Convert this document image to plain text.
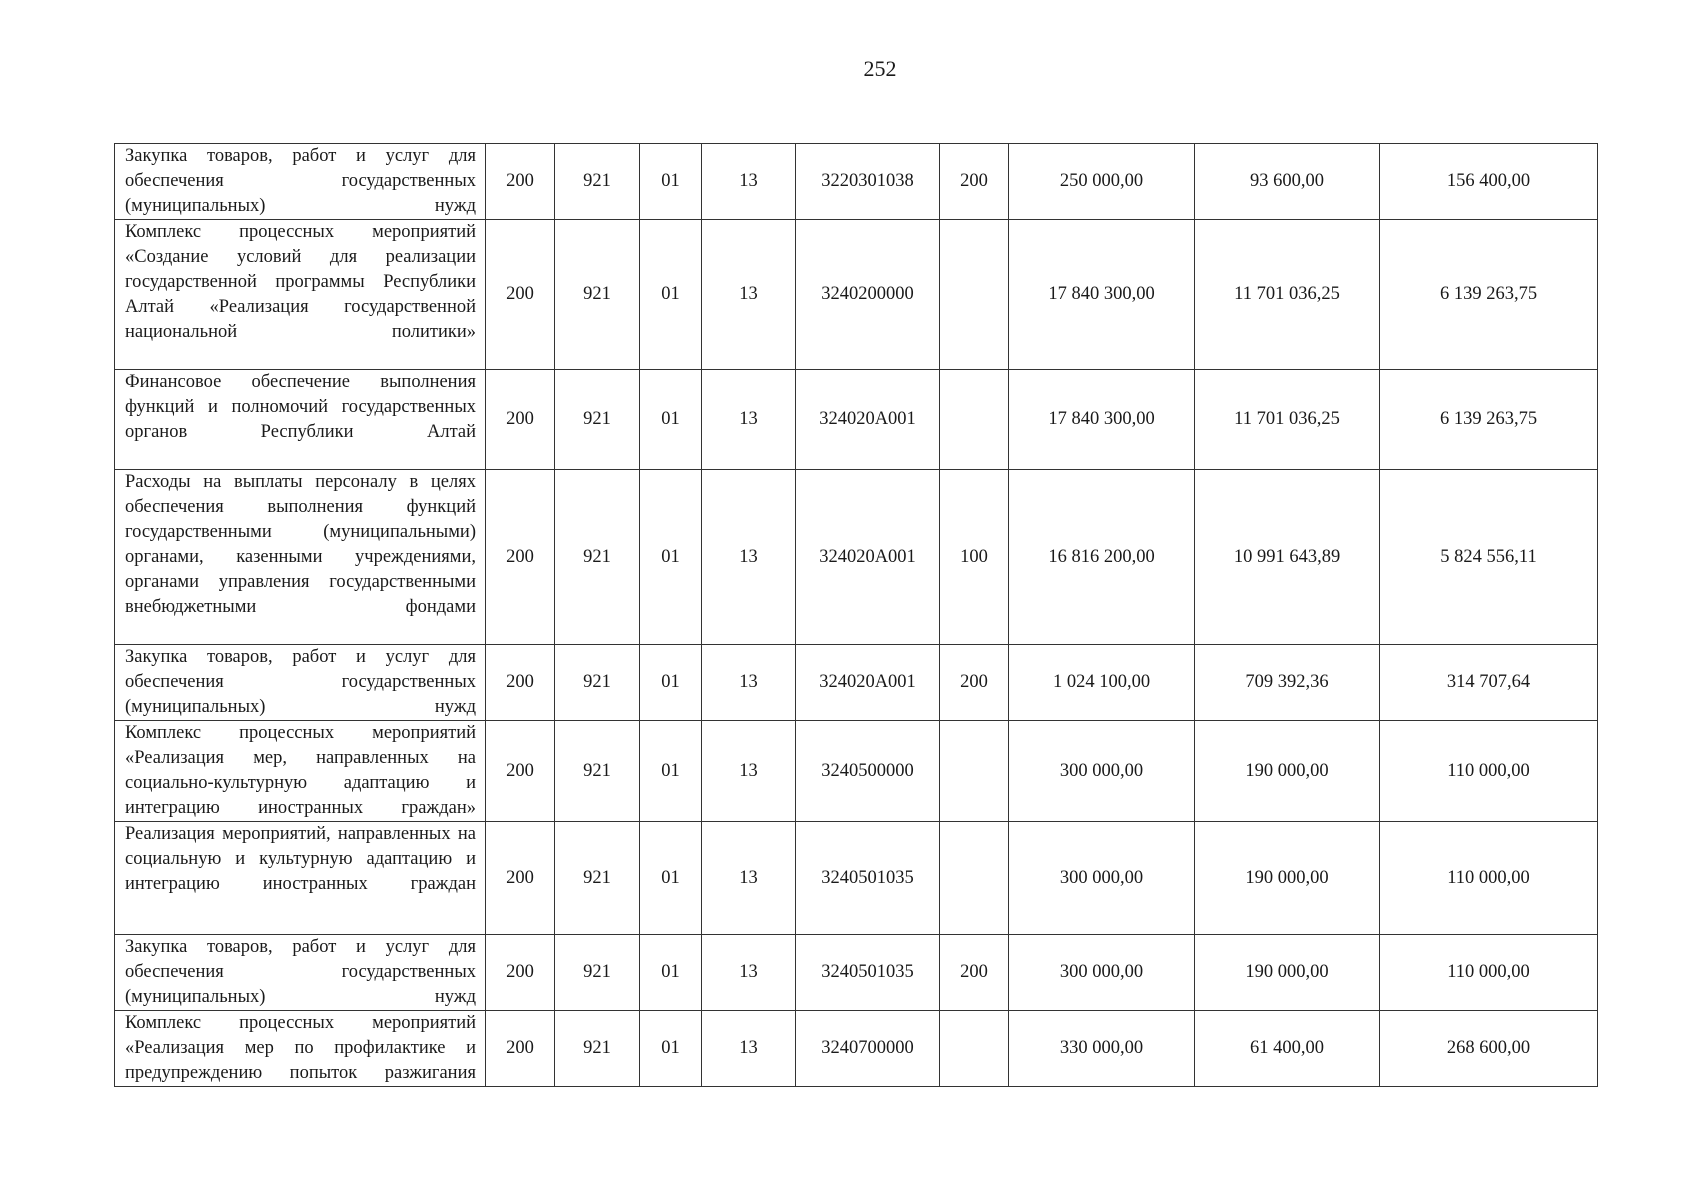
252
Закупка товаров, работ и услуг для обеспечения государственных (муниципальных) нужд	200	921	01	13	3220301038	200	250 000,00	93 600,00	156 400,00
Комплекс процессных мероприятий «Создание условий для реализации государственной программы Республики Алтай «Реализация государственной национальной политики»	200	921	01	13	3240200000		17 840 300,00	11 701 036,25	6 139 263,75
Финансовое обеспечение выполнения функций и полномочий государственных органов Республики Алтай	200	921	01	13	324020А001		17 840 300,00	11 701 036,25	6 139 263,75
Расходы на выплаты персоналу в целях обеспечения выполнения функций государственными (муниципальными) органами, казенными учреждениями, органами управления государственными внебюджетными фондами	200	921	01	13	324020А001	100	16 816 200,00	10 991 643,89	5 824 556,11
Закупка товаров, работ и услуг для обеспечения государственных (муниципальных) нужд	200	921	01	13	324020А001	200	1 024 100,00	709 392,36	314 707,64
Комплекс процессных мероприятий «Реализация мер, направленных на социально-культурную адаптацию и интеграцию иностранных граждан»	200	921	01	13	3240500000		300 000,00	190 000,00	110 000,00
Реализация мероприятий, направленных на социальную и культурную адаптацию и интеграцию иностранных граждан	200	921	01	13	3240501035		300 000,00	190 000,00	110 000,00
Закупка товаров, работ и услуг для обеспечения государственных (муниципальных) нужд	200	921	01	13	3240501035	200	300 000,00	190 000,00	110 000,00
Комплекс процессных мероприятий «Реализация мер по профилактике и предупреждению попыток разжигания	200	921	01	13	3240700000		330 000,00	61 400,00	268 600,00
